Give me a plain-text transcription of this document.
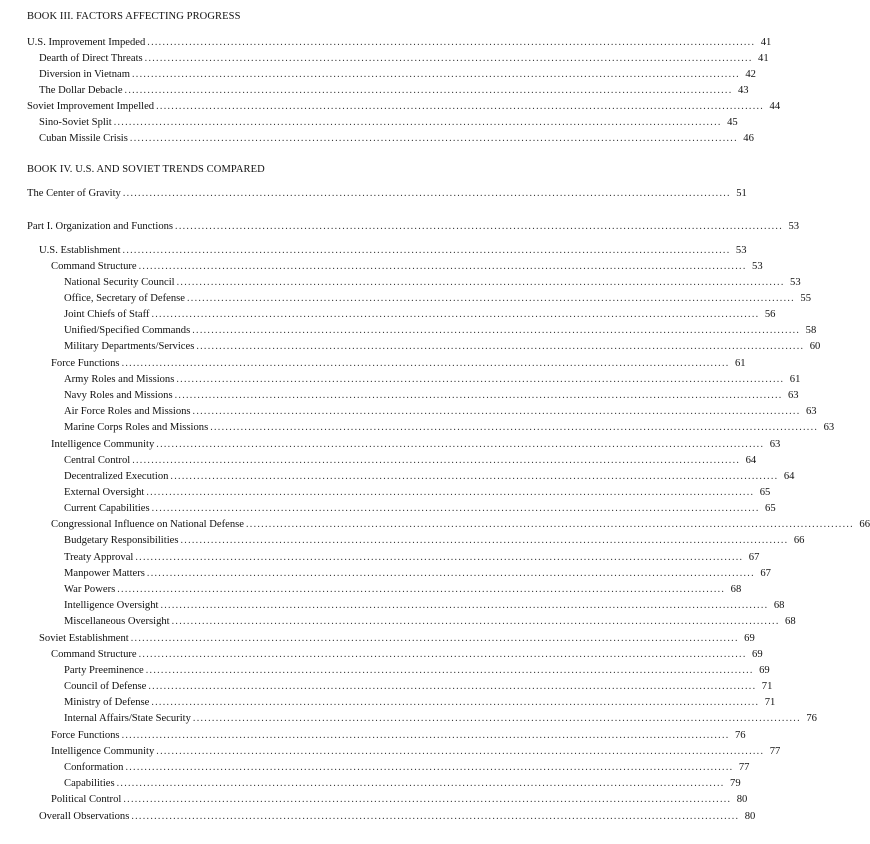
BOOK III. FACTORS AFFECTING PROGRESS
BOOK IV. U.S. AND SOVIET TRENDS COMPARED
U.S. Improvement Impeded ................................................................................................................................................................ 41
Dearth of Direct Threats ................................................................................................................................................................ 41
Diversion in Vietnam ................................................................................................................................................................ 42
The Dollar Debacle ................................................................................................................................................................ 43
Soviet Improvement Impelled ................................................................................................................................................................ 44
Sino-Soviet Split ................................................................................................................................................................ 45
Cuban Missile Crisis ................................................................................................................................................................ 46
The Center of Gravity ................................................................................................................................................................ 51
Part I. Organization and Functions ................................................................................................................................................................ 53
U.S. Establishment ................................................................................................................................................................ 53
Command Structure ................................................................................................................................................................ 53
National Security Council ................................................................................................................................................................ 53
Office, Secretary of Defense ................................................................................................................................................................ 55
Joint Chiefs of Staff ................................................................................................................................................................ 56
Unified/Specified Commands ................................................................................................................................................................ 58
Military Departments/Services ................................................................................................................................................................ 60
Force Functions ................................................................................................................................................................ 61
Army Roles and Missions ................................................................................................................................................................ 61
Navy Roles and Missions ................................................................................................................................................................ 63
Air Force Roles and Missions ................................................................................................................................................................ 63
Marine Corps Roles and Missions ................................................................................................................................................................ 63
Intelligence Community ................................................................................................................................................................ 63
Central Control ................................................................................................................................................................ 64
Decentralized Execution ................................................................................................................................................................ 64
External Oversight ................................................................................................................................................................ 65
Current Capabilities ................................................................................................................................................................ 65
Congressional Influence on National Defense ................................................................................................................................................................ 66
Budgetary Responsibilities ................................................................................................................................................................ 66
Treaty Approval ................................................................................................................................................................ 67
Manpower Matters ................................................................................................................................................................ 67
War Powers ................................................................................................................................................................ 68
Intelligence Oversight ................................................................................................................................................................ 68
Miscellaneous Oversight ................................................................................................................................................................ 68
Soviet Establishment ................................................................................................................................................................ 69
Command Structure ................................................................................................................................................................ 69
Party Preeminence ................................................................................................................................................................ 69
Council of Defense ................................................................................................................................................................ 71
Ministry of Defense ................................................................................................................................................................ 71
Internal Affairs/State Security ................................................................................................................................................................ 76
Force Functions ................................................................................................................................................................ 76
Intelligence Community ................................................................................................................................................................ 77
Conformation ................................................................................................................................................................ 77
Capabilities ................................................................................................................................................................ 79
Political Control ................................................................................................................................................................ 80
Overall Observations ................................................................................................................................................................ 80
